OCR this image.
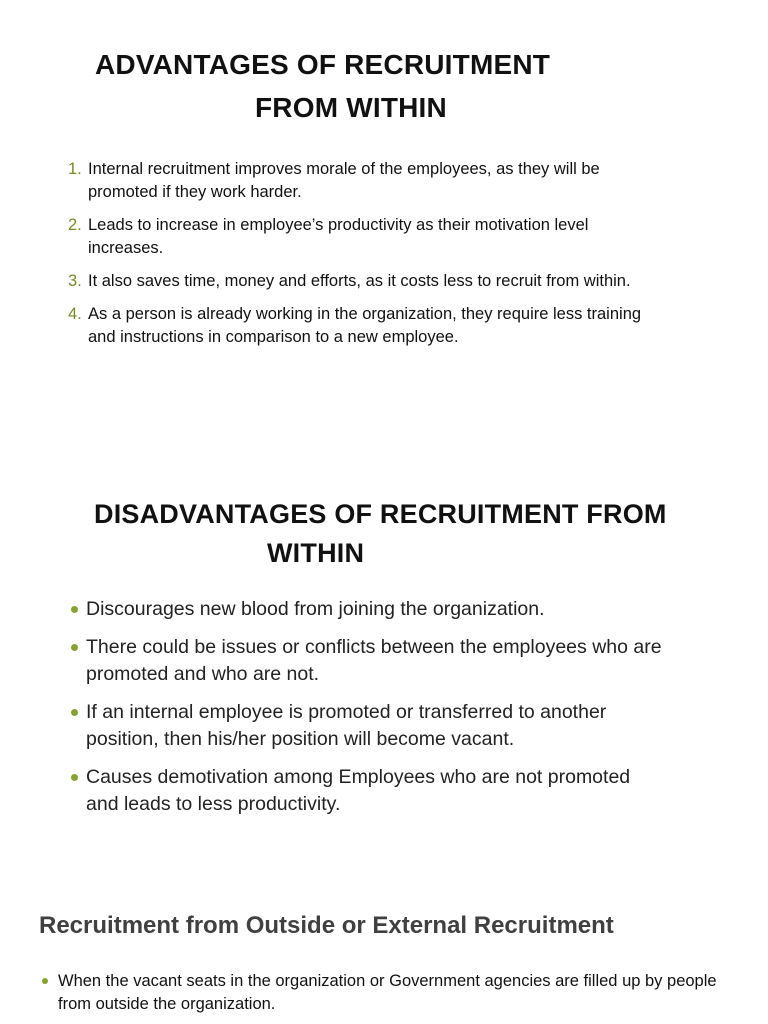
ADVANTAGES OF RECRUITMENT
FROM WITHIN
1. Internal recruitment improves morale of the employees, as they will be promoted if they work harder.
2. Leads to increase in employee’s productivity as their motivation level increases.
3. It also saves time, money and efforts, as it costs less to recruit from within.
4. As a person is already working in the organization, they require less training and instructions in comparison to a new employee.
DISADVANTAGES OF RECRUITMENT FROM
WITHIN
Discourages new blood from joining the organization.
There could be issues or conflicts between the employees who are promoted and who are not.
If an internal employee is promoted or transferred to another position, then his/her position will become vacant.
Causes demotivation among Employees who are not promoted and leads to less productivity.
Recruitment from Outside or External Recruitment
When the vacant seats in the organization or Government agencies are filled up by people from outside the organization.
